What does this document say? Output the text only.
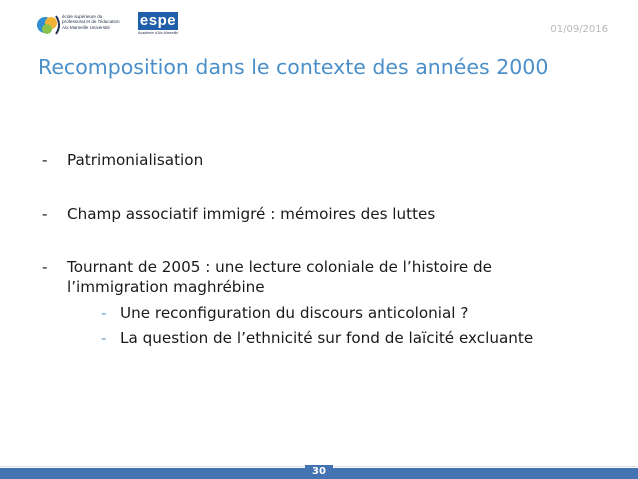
école supérieure du
professorat et de l'éducation
Aix-Marseille Université	espe
Académie d'Aix-Marseille	01/09/2016
Recomposition dans le contexte des années 2000
- Patrimonialisation
- Champ associatif immigré : mémoires des luttes
- Tournant de 2005 : une lecture coloniale de l’histoire de l’immigration maghrébine
- Une reconfiguration du discours anticolonial ?
- La question de l’ethnicité sur fond de laïcité excluante
30
